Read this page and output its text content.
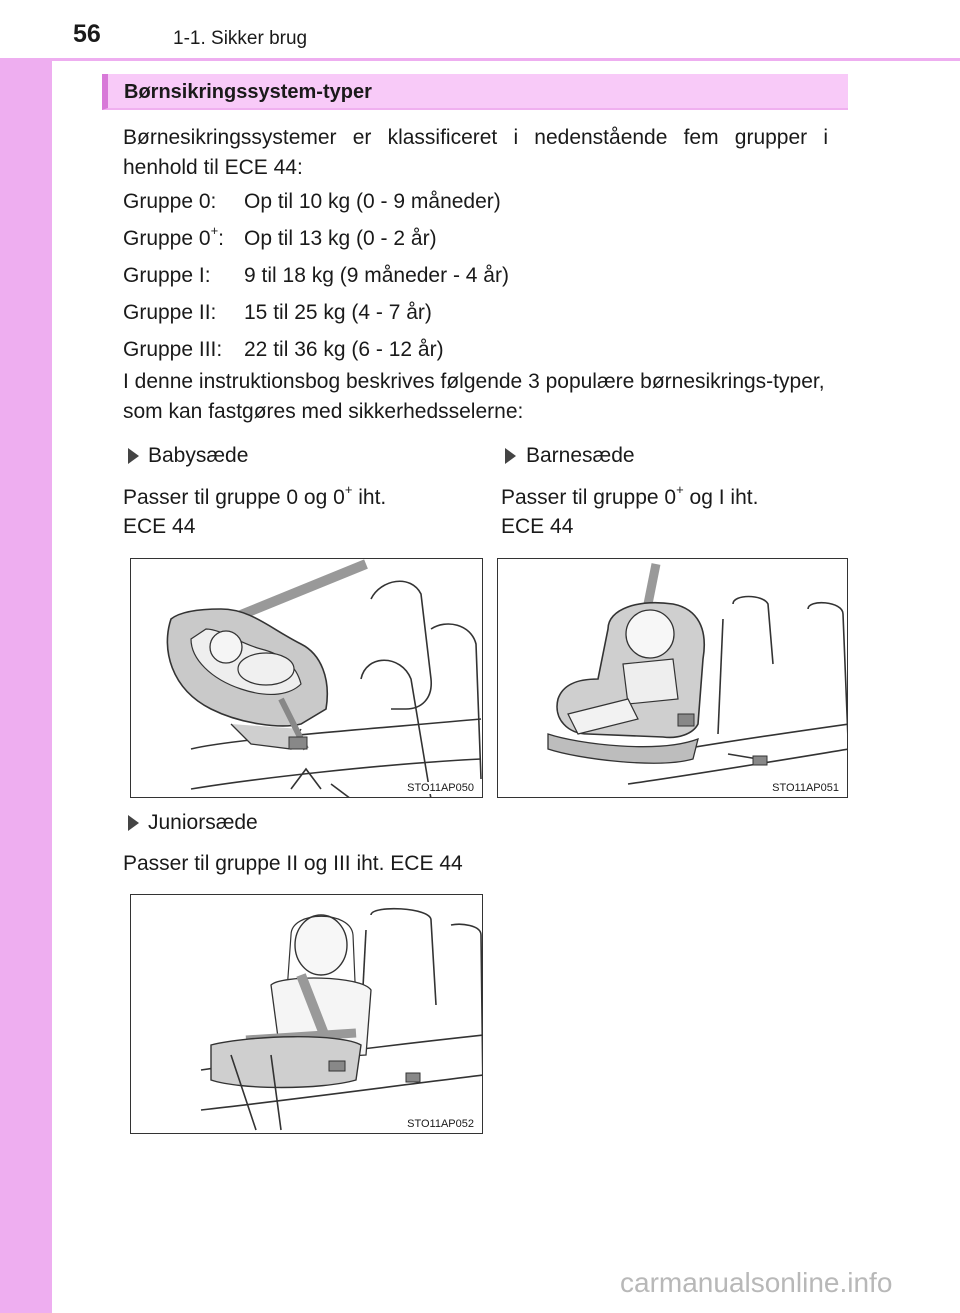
56	1-1. Sikker brug
Børnsikringssystem-typer
Børnesikringssystemer er klassificeret i nedenstående fem grupper i henhold til ECE 44:
Gruppe 0: Op til 10 kg (0 - 9 måneder)
Gruppe 0+: Op til 13 kg (0 - 2 år)
Gruppe I: 9 til 18 kg (9 måneder - 4 år)
Gruppe II: 15 til 25 kg (4 - 7 år)
Gruppe III: 22 til 36 kg (6 - 12 år)
I denne instruktionsbog beskrives følgende 3 populære børnesikrings-typer, som kan fastgøres med sikkerhedsselerne:
Babysæde
Passer til gruppe 0 og 0+ iht.
ECE 44
Barnesæde
Passer til gruppe 0+ og I iht.
ECE 44
STO11AP050	STO11AP051
Juniorsæde
Passer til gruppe II og III iht. ECE 44
STO11AP052
carmanualsonline.info
